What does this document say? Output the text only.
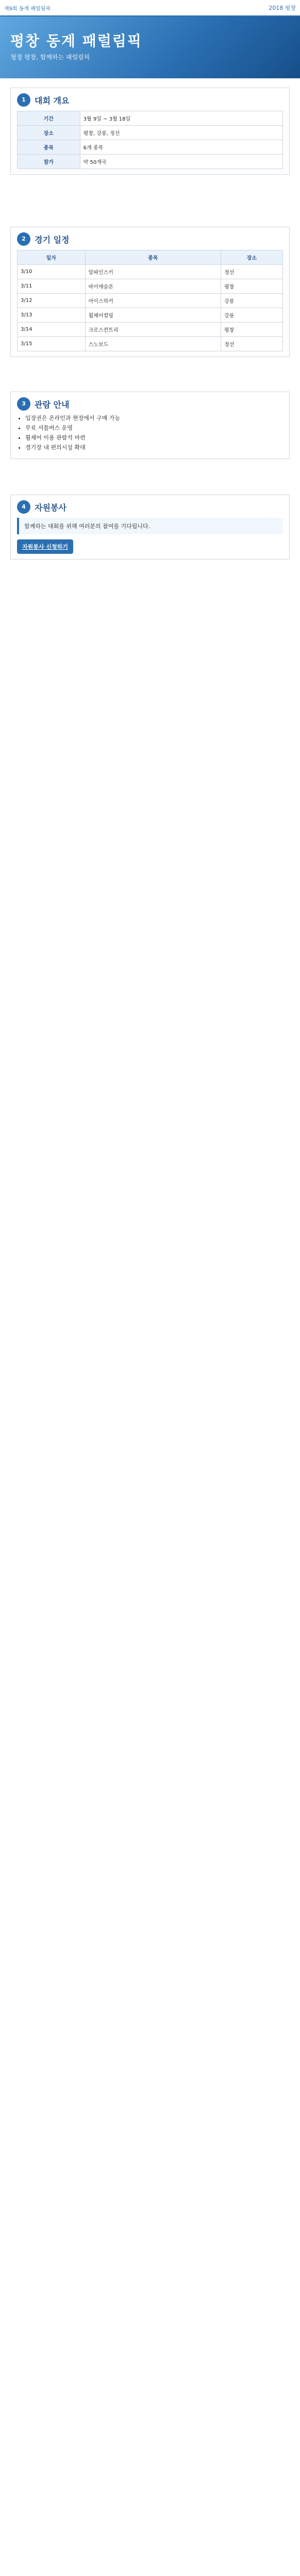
제9회 동계 패럴림픽	2018 평창
평창 동계 패럴림픽
청정 평창, 함께하는 패럴림픽
1	대회 개요
기간	3월 9일 ~ 3월 18일
장소	평창, 강릉, 정선
종목	6개 종목
참가	약 50개국
2	경기 일정
일자	종목	장소
3/10	알파인스키	정선
3/11	바이애슬론	평창
3/12	아이스하키	강릉
3/13	휠체어컬링	강릉
3/14	크로스컨트리	평창
3/15	스노보드	정선
3	관람 안내
• 입장권은 온라인과 현장에서 구매 가능
• 무료 셔틀버스 운영
• 휠체어 이용 관람석 마련
• 경기장 내 편의시설 확대
4	자원봉사
함께하는 대회를 위해 여러분의 참여를 기다립니다.
자원봉사 신청하기
